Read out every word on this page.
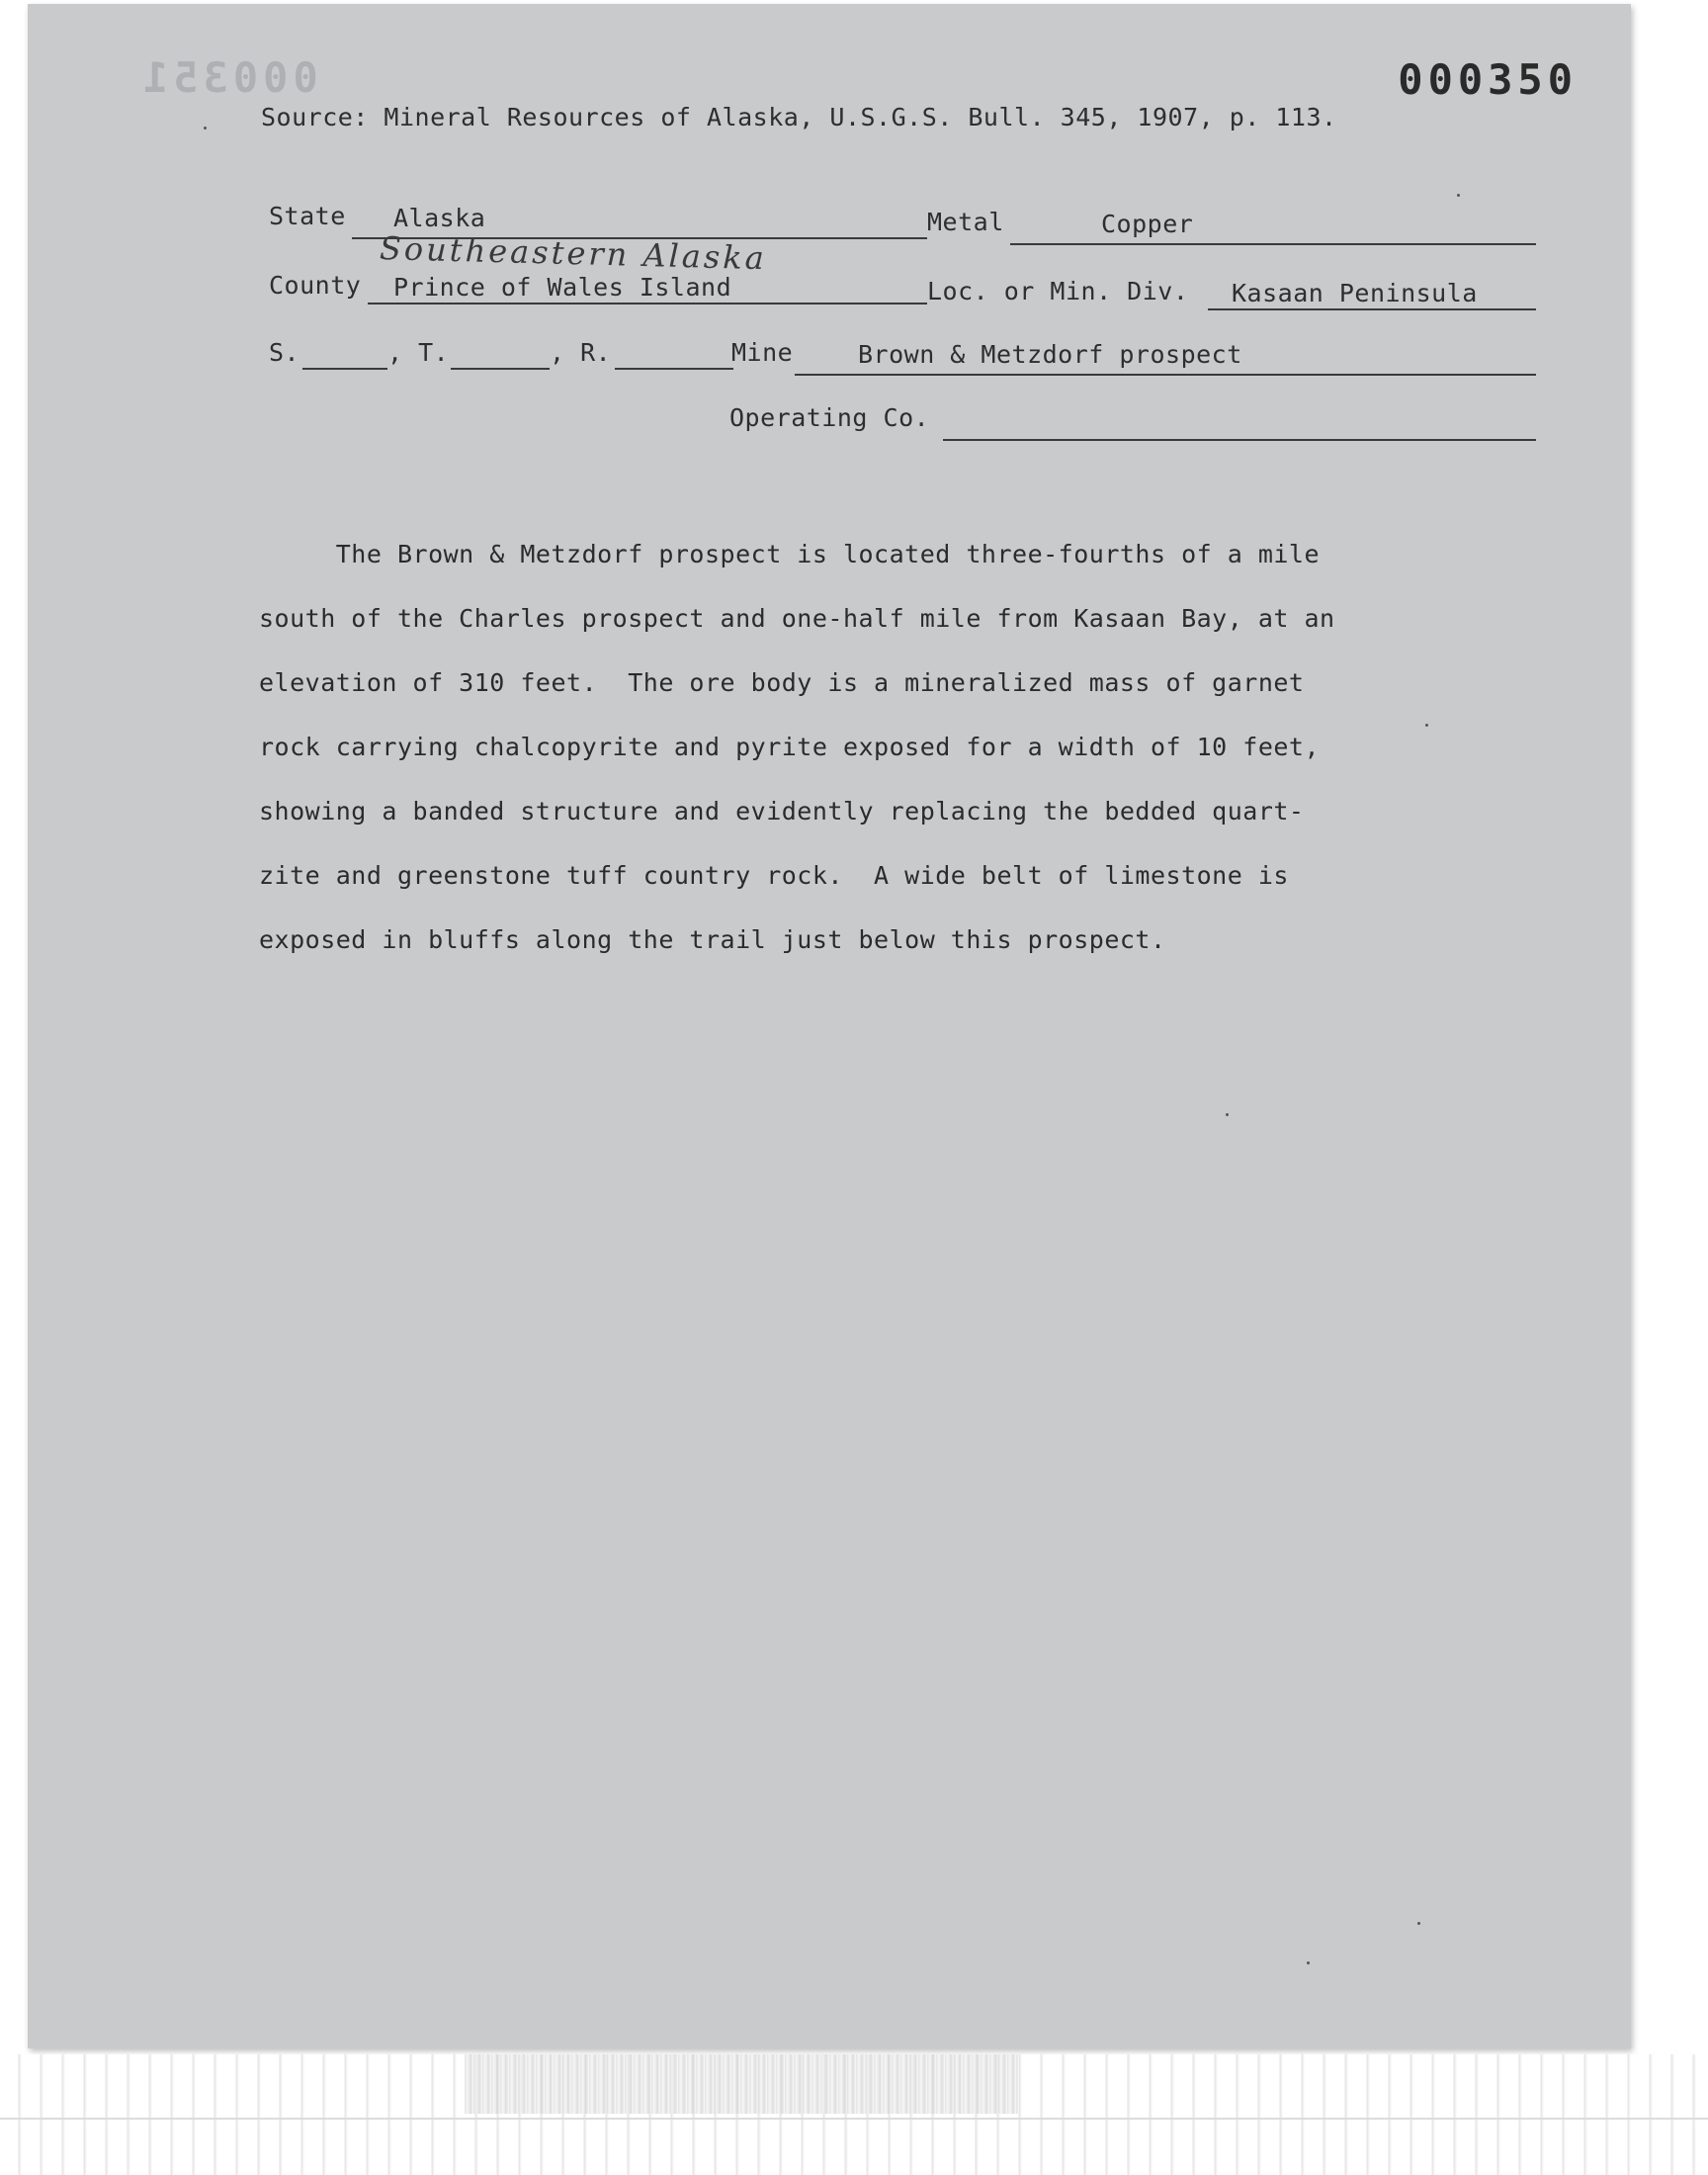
000351	000350
Source: Mineral Resources of Alaska, U.S.G.S. Bull. 345, 1907, p. 113.
State Alaska	Metal	Copper
Southeastern Alaska
County Prince of Wales Island	Loc. or Min. Div. Kasaan Peninsula
S.	, T.	, R.	Mine	Brown & Metzdorf prospect
Operating Co.

The Brown & Metzdorf prospect is located three-fourths of a mile

south of the Charles prospect and one-half mile from Kasaan Bay, at an

elevation of 310 feet.  The ore body is a mineralized mass of garnet

rock carrying chalcopyrite and pyrite exposed for a width of 10 feet,

showing a banded structure and evidently replacing the bedded quart-

zite and greenstone tuff country rock.  A wide belt of limestone is

exposed in bluffs along the trail just below this prospect.
